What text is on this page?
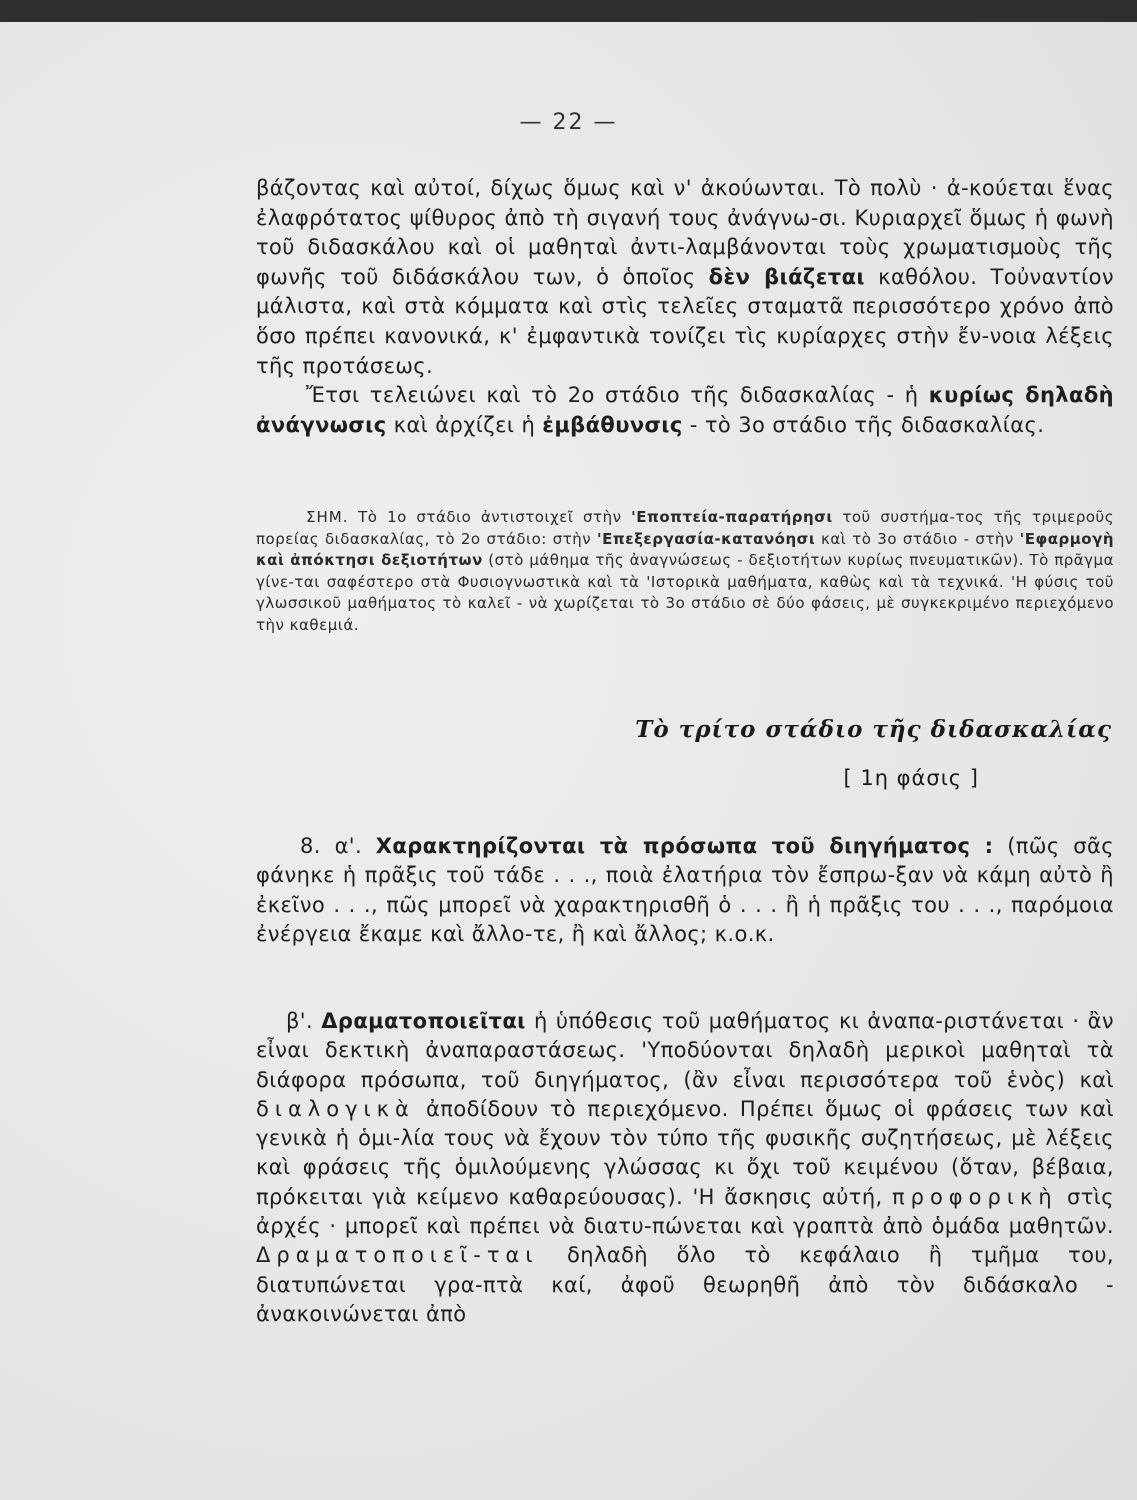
— 22 —

βάζοντας καὶ αὐτοί, δίχως ὅμως καὶ ν' ἀκούωνται. Τὸ πολὺ · ἀ-κούεται ἕνας ἐλαφρότατος ψίθυρος ἀπὸ τὴ σιγανή τους ἀνάγνω-σι. Κυριαρχεῖ ὅμως ἡ φωνὴ τοῦ διδασκάλου καὶ οἱ μαθηταὶ ἀντι-λαμβάνονται τοὺς χρωματισμοὺς τῆς φωνῆς τοῦ διδάσκάλου των, ὁ ὁποῖος δὲν βιάζεται καθόλου. Τοὐναντίον μάλιστα, καὶ στὰ κόμματα καὶ στὶς τελεῖες σταματᾶ περισσότερο χρόνο ἀπὸ ὅσο πρέπει κανονικά, κ' ἐμφαντικὰ τονίζει τὶς κυρίαρχες στὴν ἔν-νοια λέξεις τῆς προτάσεως.

Ἔτσι τελειώνει καὶ τὸ 2ο στάδιο τῆς διδασκαλίας - ἡ κυρίως δηλαδὴ ἀνάγνωσις καὶ ἀρχίζει ἡ ἐμβάθυνσις - τὸ 3ο στάδιο τῆς διδασκαλίας.

ΣΗΜ. Τὸ 1ο στάδιο ἀντιστοιχεῖ στὴν 'Εποπτεία-παρατήρησι τοῦ συστήμα-τος τῆς τριμεροῦς πορείας διδασκαλίας, τὸ 2ο στάδιο: στὴν 'Επεξεργασία-κατανόησι καὶ τὸ 3ο στάδιο - στὴν 'Εφαρμογὴ καὶ ἀπόκτησι δεξιοτήτων (στὸ μάθημα τῆς ἀναγνώσεως - δεξιοτήτων κυρίως πνευματικῶν). Τὸ πρᾶγμα γίνε-ται σαφέστερο στὰ Φυσιογνωστικὰ καὶ τὰ 'Ιστορικὰ μαθήματα, καθὼς καὶ τὰ τεχνικά. 'Η φύσις τοῦ γλωσσικοῦ μαθήματος τὸ καλεῖ - νὰ χωρίζεται τὸ 3ο στάδιο σὲ δύο φάσεις, μὲ συγκεκριμένο περιεχόμενο τὴν καθεμιά.

Τὸ τρίτο στάδιο τῆς διδασκαλίας
[ 1η φάσις ]

8. α'. Χαρακτηρίζονται τὰ πρόσωπα τοῦ διηγήματος : (πῶς σᾶς φάνηκε ἡ πρᾶξις τοῦ τάδε . . ., ποιὰ ἐλατήρια τὸν ἔσπρω-ξαν νὰ κάμη αὐτὸ ἢ ἐκεῖνο . . ., πῶς μπορεῖ νὰ χαρακτηρισθῆ ὁ . . . ἢ ἡ πρᾶξις του . . ., παρόμοια ἐνέργεια ἔκαμε καὶ ἄλλο-τε, ἢ καὶ ἄλλος; κ.ο.κ.

β'. Δραματοποιεῖται ἡ ὑπόθεσις τοῦ μαθήματος κι ἀναπα-ριστάνεται · ἂν εἶναι δεκτικὴ ἀναπαραστάσεως. 'Υποδύονται δηλαδὴ μερικοὶ μαθηταὶ τὰ διάφορα πρόσωπα, τοῦ διηγήματος, (ἂν εἶναι περισσότερα τοῦ ἑνὸς) καὶ διαλογικὰ ἀποδίδουν τὸ περιεχόμενο. Πρέπει ὅμως οἱ φράσεις των καὶ γενικὰ ἡ ὁμι-λία τους νὰ ἔχουν τὸν τύπο τῆς φυσικῆς συζητήσεως, μὲ λέξεις καὶ φράσεις τῆς ὁμιλούμενης γλώσσας κι ὄχι τοῦ κειμένου (ὅταν, βέβαια, πρόκειται γιὰ κείμενο καθαρεύουσας). 'Η ἄσκησις αὐτή, προφορικὴ στὶς ἀρχές · μπορεῖ καὶ πρέπει νὰ διατυ-πώνεται καὶ γραπτὰ ἀπὸ ὁμάδα μαθητῶν. Δραματοποιεῖ-ται δηλαδὴ ὅλο τὸ κεφάλαιο ἢ τμῆμα του, διατυπώνεται γρα-πτὰ καί, ἀφοῦ θεωρηθῆ ἀπὸ τὸν διδάσκαλο - ἀνακοινώνεται ἀπὸ
